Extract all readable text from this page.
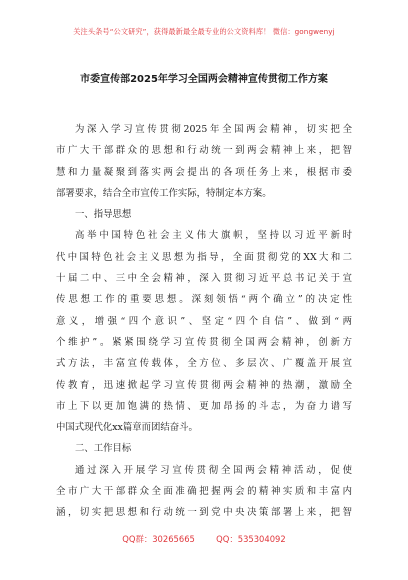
关注头条号“公文研究”，获得最新最全最专业的公文资料库！ 微信：gongwenyj
市委宣传部2025年学习全国两会精神宣传贯彻工作方案
为深入学习宣传贯彻2025年全国两会精神，切实把全
市广大干部群众的思想和行动统一到两会精神上来，把智
慧和力量凝聚到落实两会提出的各项任务上来，根据市委
部署要求，结合全市宣传工作实际，特制定本方案。
一、指导思想
高举中国特色社会主义伟大旗帜，坚持以习近平新时
代中国特色社会主义思想为指导，全面贯彻党的XX大和二
十届二中、三中全会精神，深入贯彻习近平总书记关于宣
传思想工作的重要思想。深刻领悟“两个确立”的决定性
意义，增强“四个意识”、坚定“四个自信”、做到“两
个维护”。紧紧围绕学习宣传贯彻全国两会精神，创新方
式方法，丰富宣传载体，全方位、多层次、广覆盖开展宣
传教育，迅速掀起学习宣传贯彻两会精神的热潮，激励全
市上下以更加饱满的热情、更加昂扬的斗志，为奋力谱写
中国式现代化xx篇章而团结奋斗。
二、工作目标
通过深入开展学习宣传贯彻全国两会精神活动，促使
全市广大干部群众全面准确把握两会的精神实质和丰富内
涵，切实把思想和行动统一到党中央决策部署上来，把智
QQ群：30265665	QQ：535304092
